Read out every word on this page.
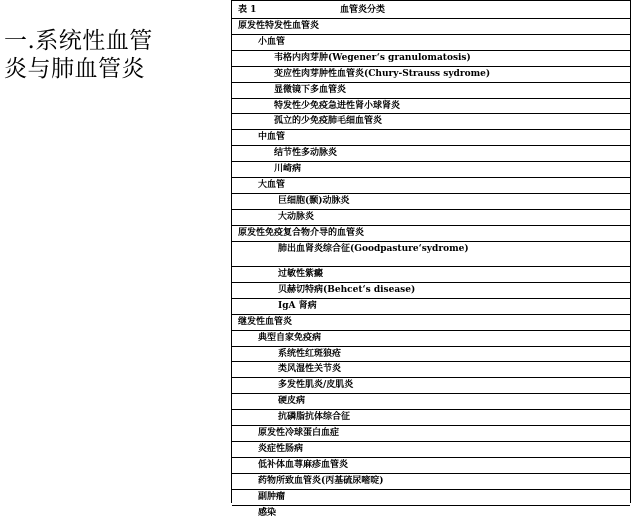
一.系统性血管
炎与肺血管炎
表 1	血管炎分类
原发性特发性血管炎
小血管
韦格内肉芽肿(Wegener‘s granulomatosis)
变应性肉芽肿性血管炎(Chury-Strauss sydrome)
显微镜下多血管炎
特发性少免疫急进性肾小球肾炎
孤立的少免疫肺毛细血管炎
中血管
结节性多动脉炎
川崎病
大血管
巨细胞(颞)动脉炎
大动脉炎
原发性免疫复合物介导的血管炎
肺出血肾炎综合征(Goodpasture‘sydrome)
过敏性紫癜
贝赫切特病(Behcet‘s disease)
IgA 肾病
继发性血管炎
典型自家免疫病
系统性红斑狼疮
类风湿性关节炎
多发性肌炎/皮肌炎
硬皮病
抗磷脂抗体综合征
原发性冷球蛋白血症
炎症性肠病
低补体血荨麻疹血管炎
药物所致血管炎(丙基硫尿嘧啶)
副肿瘤
感染
